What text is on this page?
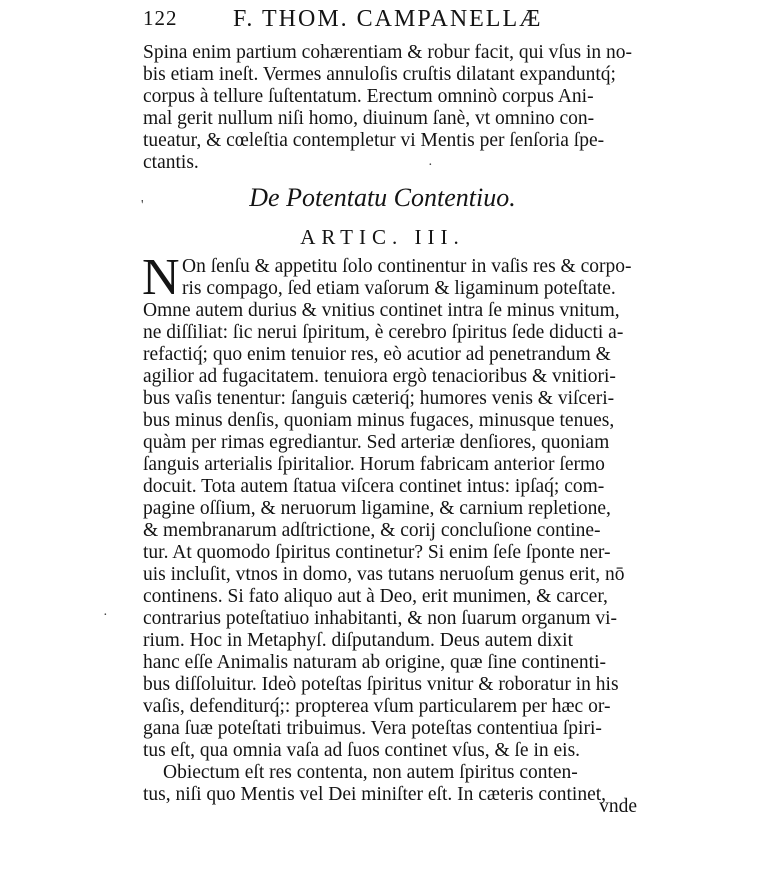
122 F. THOM. CAMPANELLÆ
Spina enim partium cohærentiam & robur facit, qui vſus in no-
bis etiam ineſt. Vermes annuloſis cruſtis dilatant expanduntq́;
corpus à tellure ſuſtentatum. Erectum omninò corpus Ani-
mal gerit nullum niſi homo, diuinum ſanè, vt omnino con-
tueatur, & cœleſtia contempletur vi Mentis per ſenſoria ſpe-
ctantis.
De Potentatu Contentiuo.
ARTIC. III.
N On ſenſu & appetitu ſolo continentur in vaſis res & corpo-
ris compago, ſed etiam vaſorum & ligaminum poteſtate.
Omne autem durius & vnitius continet intra ſe minus vnitum,
ne diſſiliat: ſic nerui ſpiritum, è cerebro ſpiritus ſede diducti a-
refactiq́; quo enim tenuior res, eò acutior ad penetrandum &
agilior ad fugacitatem. tenuiora ergò tenacioribus & vnitiori-
bus vaſis tenentur: ſanguis cæteriq́; humores venis & viſceri-
bus minus denſis, quoniam minus fugaces, minusque tenues,
quàm per rimas egrediantur. Sed arteriæ denſiores, quoniam
ſanguis arterialis ſpiritalior. Horum fabricam anterior ſermo
docuit. Tota autem ſtatua viſcera continet intus: ipſaq́; com-
pagine oſſium, & neruorum ligamine, & carnium repletione,
& membranarum adſtrictione, & corij concluſione contine-
tur. At quomodo ſpiritus continetur? Si enim ſeſe ſponte ner-
uis incluſit, vtnos in domo, vas tutans neruoſum genus erit, nō
continens. Si fato aliquo aut à Deo, erit munimen, & carcer,
contrarius poteſtatiuo inhabitanti, & non ſuarum organum vi-
rium. Hoc in Metaphyſ. diſputandum. Deus autem dixit
hanc eſſe Animalis naturam ab origine, quæ ſine continenti-
bus diſſoluitur. Ideò poteſtas ſpiritus vnitur & roboratur in his
vaſis, defenditurq́;: propterea vſum particularem per hæc or-
gana ſuæ poteſtati tribuimus. Vera poteſtas contentiua ſpiri-
tus eſt, qua omnia vaſa ad ſuos continet vſus, & ſe in eis.
Obiectum eſt res contenta, non autem ſpiritus conten-
tus, niſi quo Mentis vel Dei miniſter eſt. In cæteris continet,
vnde
'
·
·
